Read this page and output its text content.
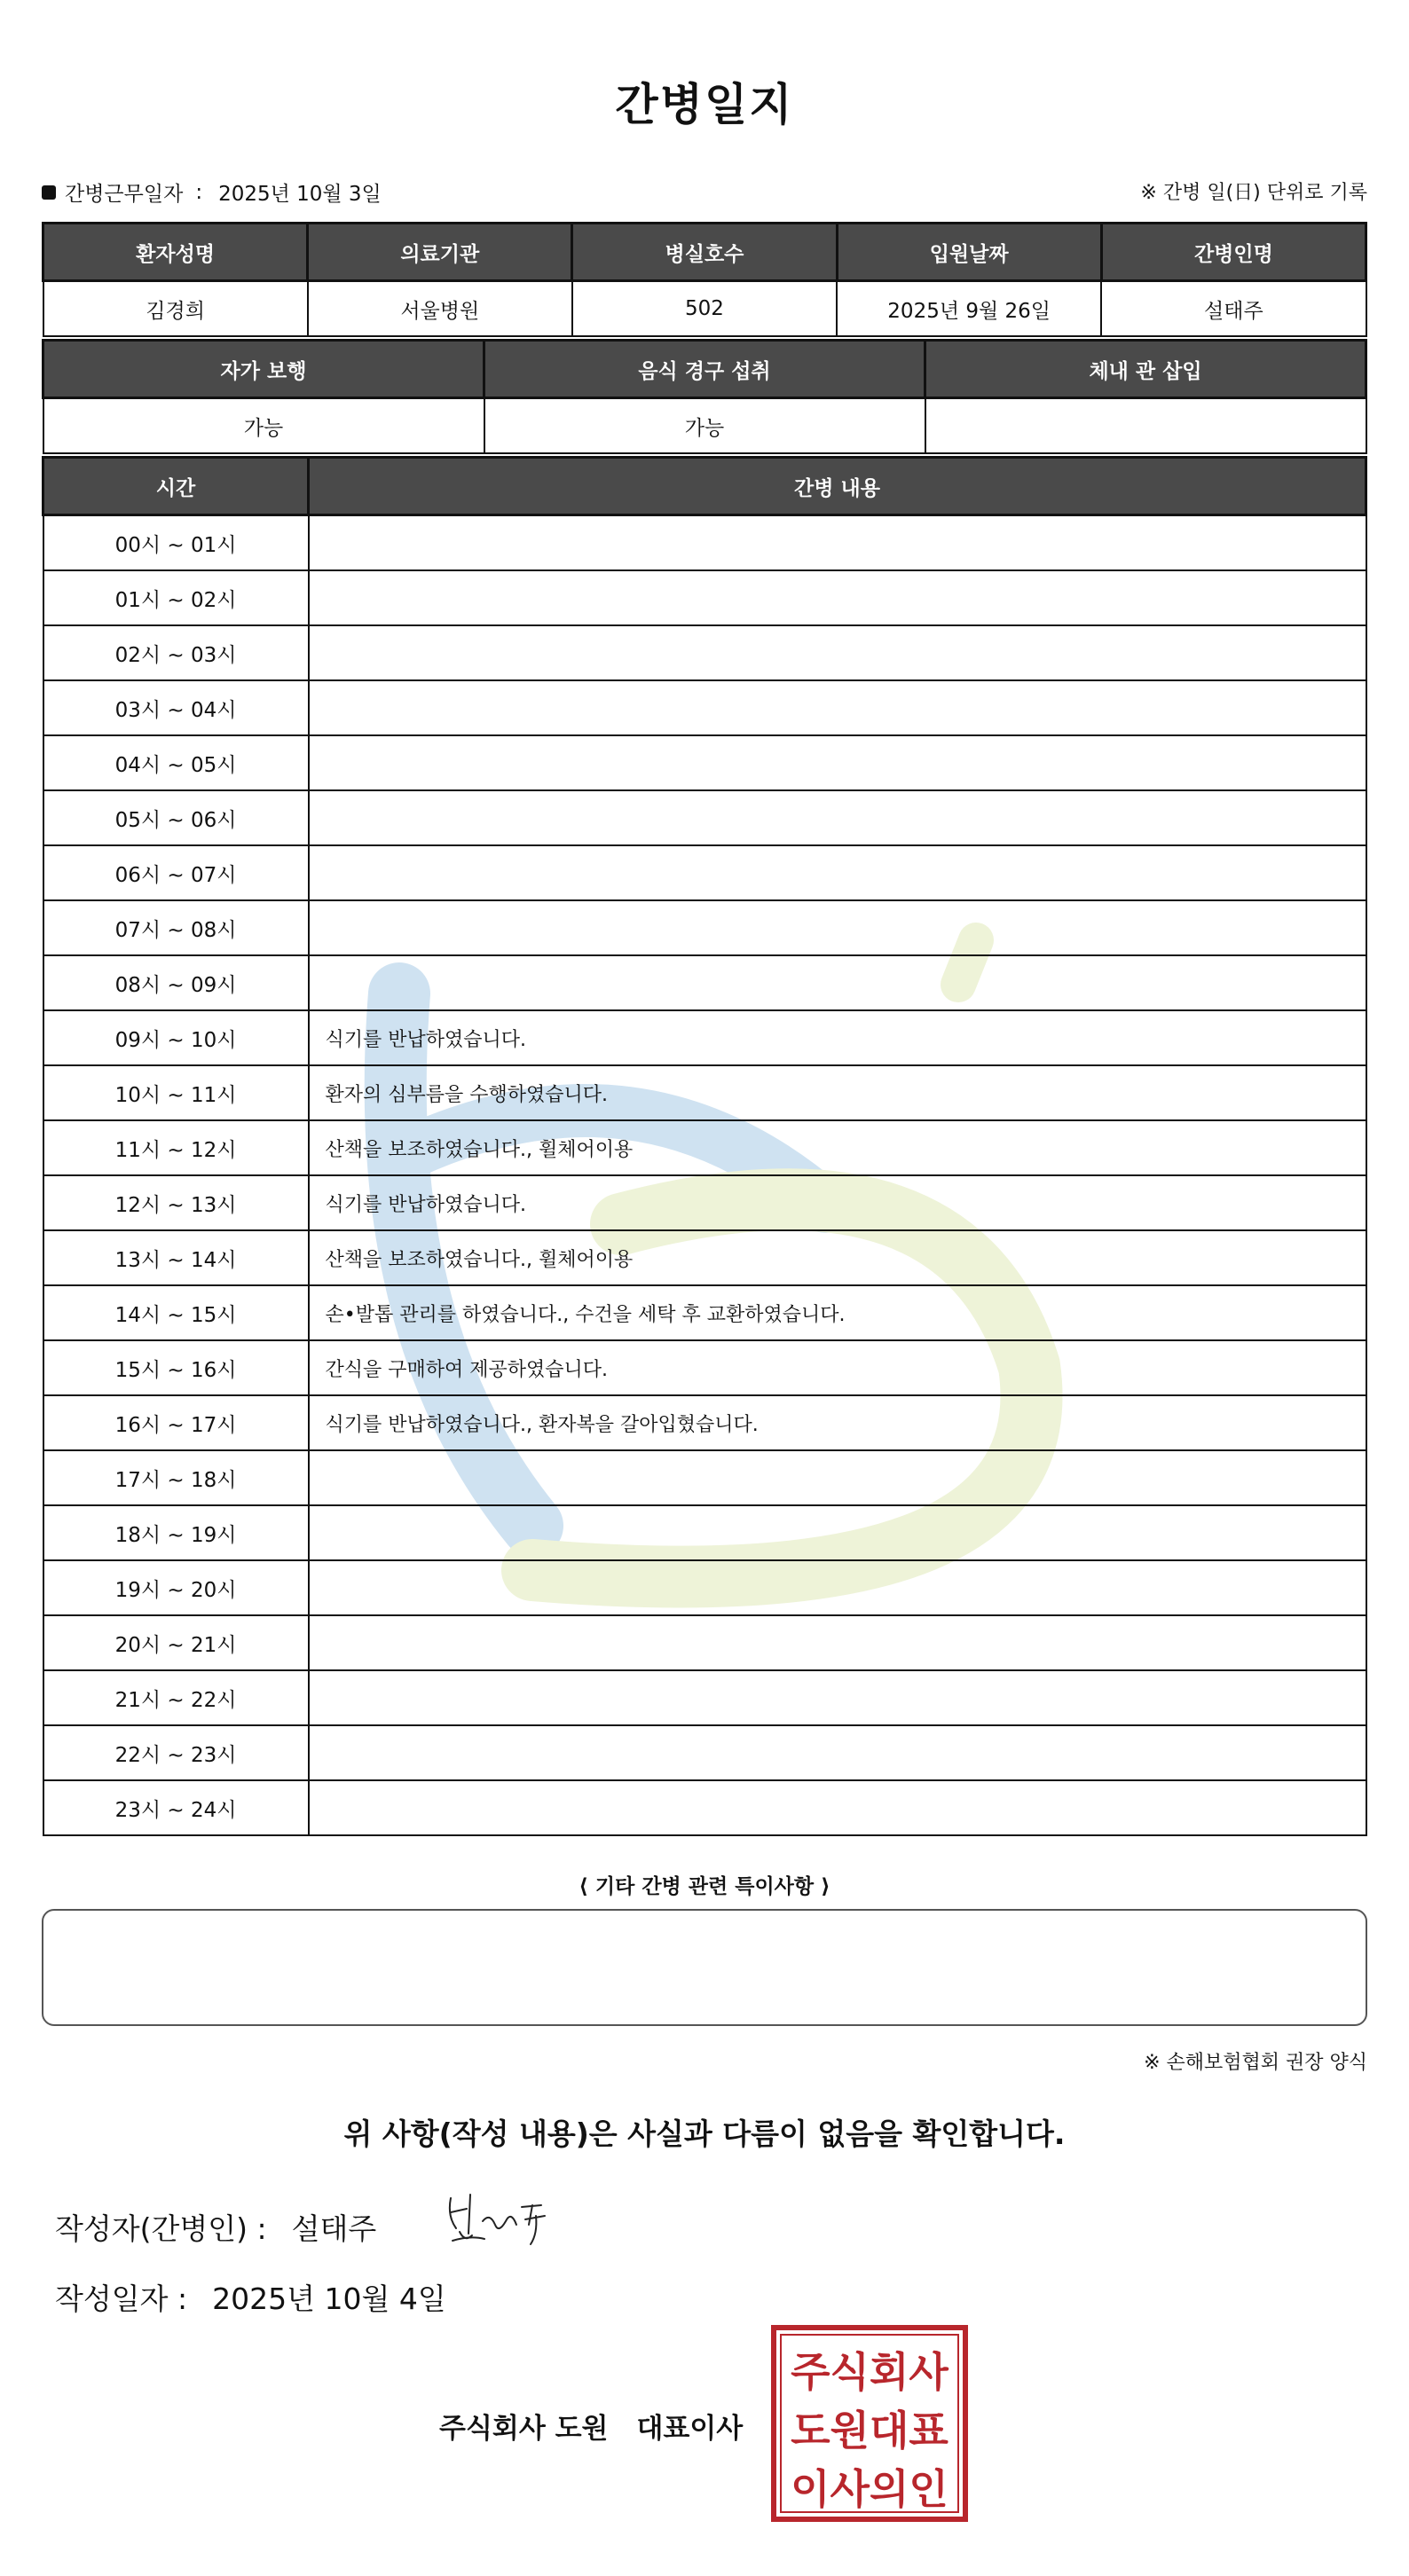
간병일지
간병근무일자 : 2025년 10월 3일	※ 간병 일(日) 단위로 기록
환자성명	의료기관	병실호수	입원날짜	간병인명
김경희	서울병원	502	2025년 9월 26일	설태주
자가 보행	음식 경구 섭취	체내 관 삽입
가능	가능	
시간	간병 내용
00시 ~ 01시	
01시 ~ 02시	
02시 ~ 03시	
03시 ~ 04시	
04시 ~ 05시	
05시 ~ 06시	
06시 ~ 07시	
07시 ~ 08시	
08시 ~ 09시	
09시 ~ 10시	식기를 반납하였습니다.
10시 ~ 11시	환자의 심부름을 수행하였습니다.
11시 ~ 12시	산책을 보조하였습니다., 휠체어이용
12시 ~ 13시	식기를 반납하였습니다.
13시 ~ 14시	산책을 보조하였습니다., 휠체어이용
14시 ~ 15시	손•발톱 관리를 하였습니다., 수건을 세탁 후 교환하였습니다.
15시 ~ 16시	간식을 구매하여 제공하였습니다.
16시 ~ 17시	식기를 반납하였습니다., 환자복을 갈아입혔습니다.
17시 ~ 18시	
18시 ~ 19시	
19시 ~ 20시	
20시 ~ 21시	
21시 ~ 22시	
22시 ~ 23시	
23시 ~ 24시	
⟨ 기타 간병 관련 특이사항 ⟩
※ 손해보험협회 권장 양식
위 사항(작성 내용)은 사실과 다름이 없음을 확인합니다.
작성자(간병인) : 설태주
작성일자 : 2025년 10월 4일
주식회사 도원 대표이사
주식회사
도원대표
이사의인
